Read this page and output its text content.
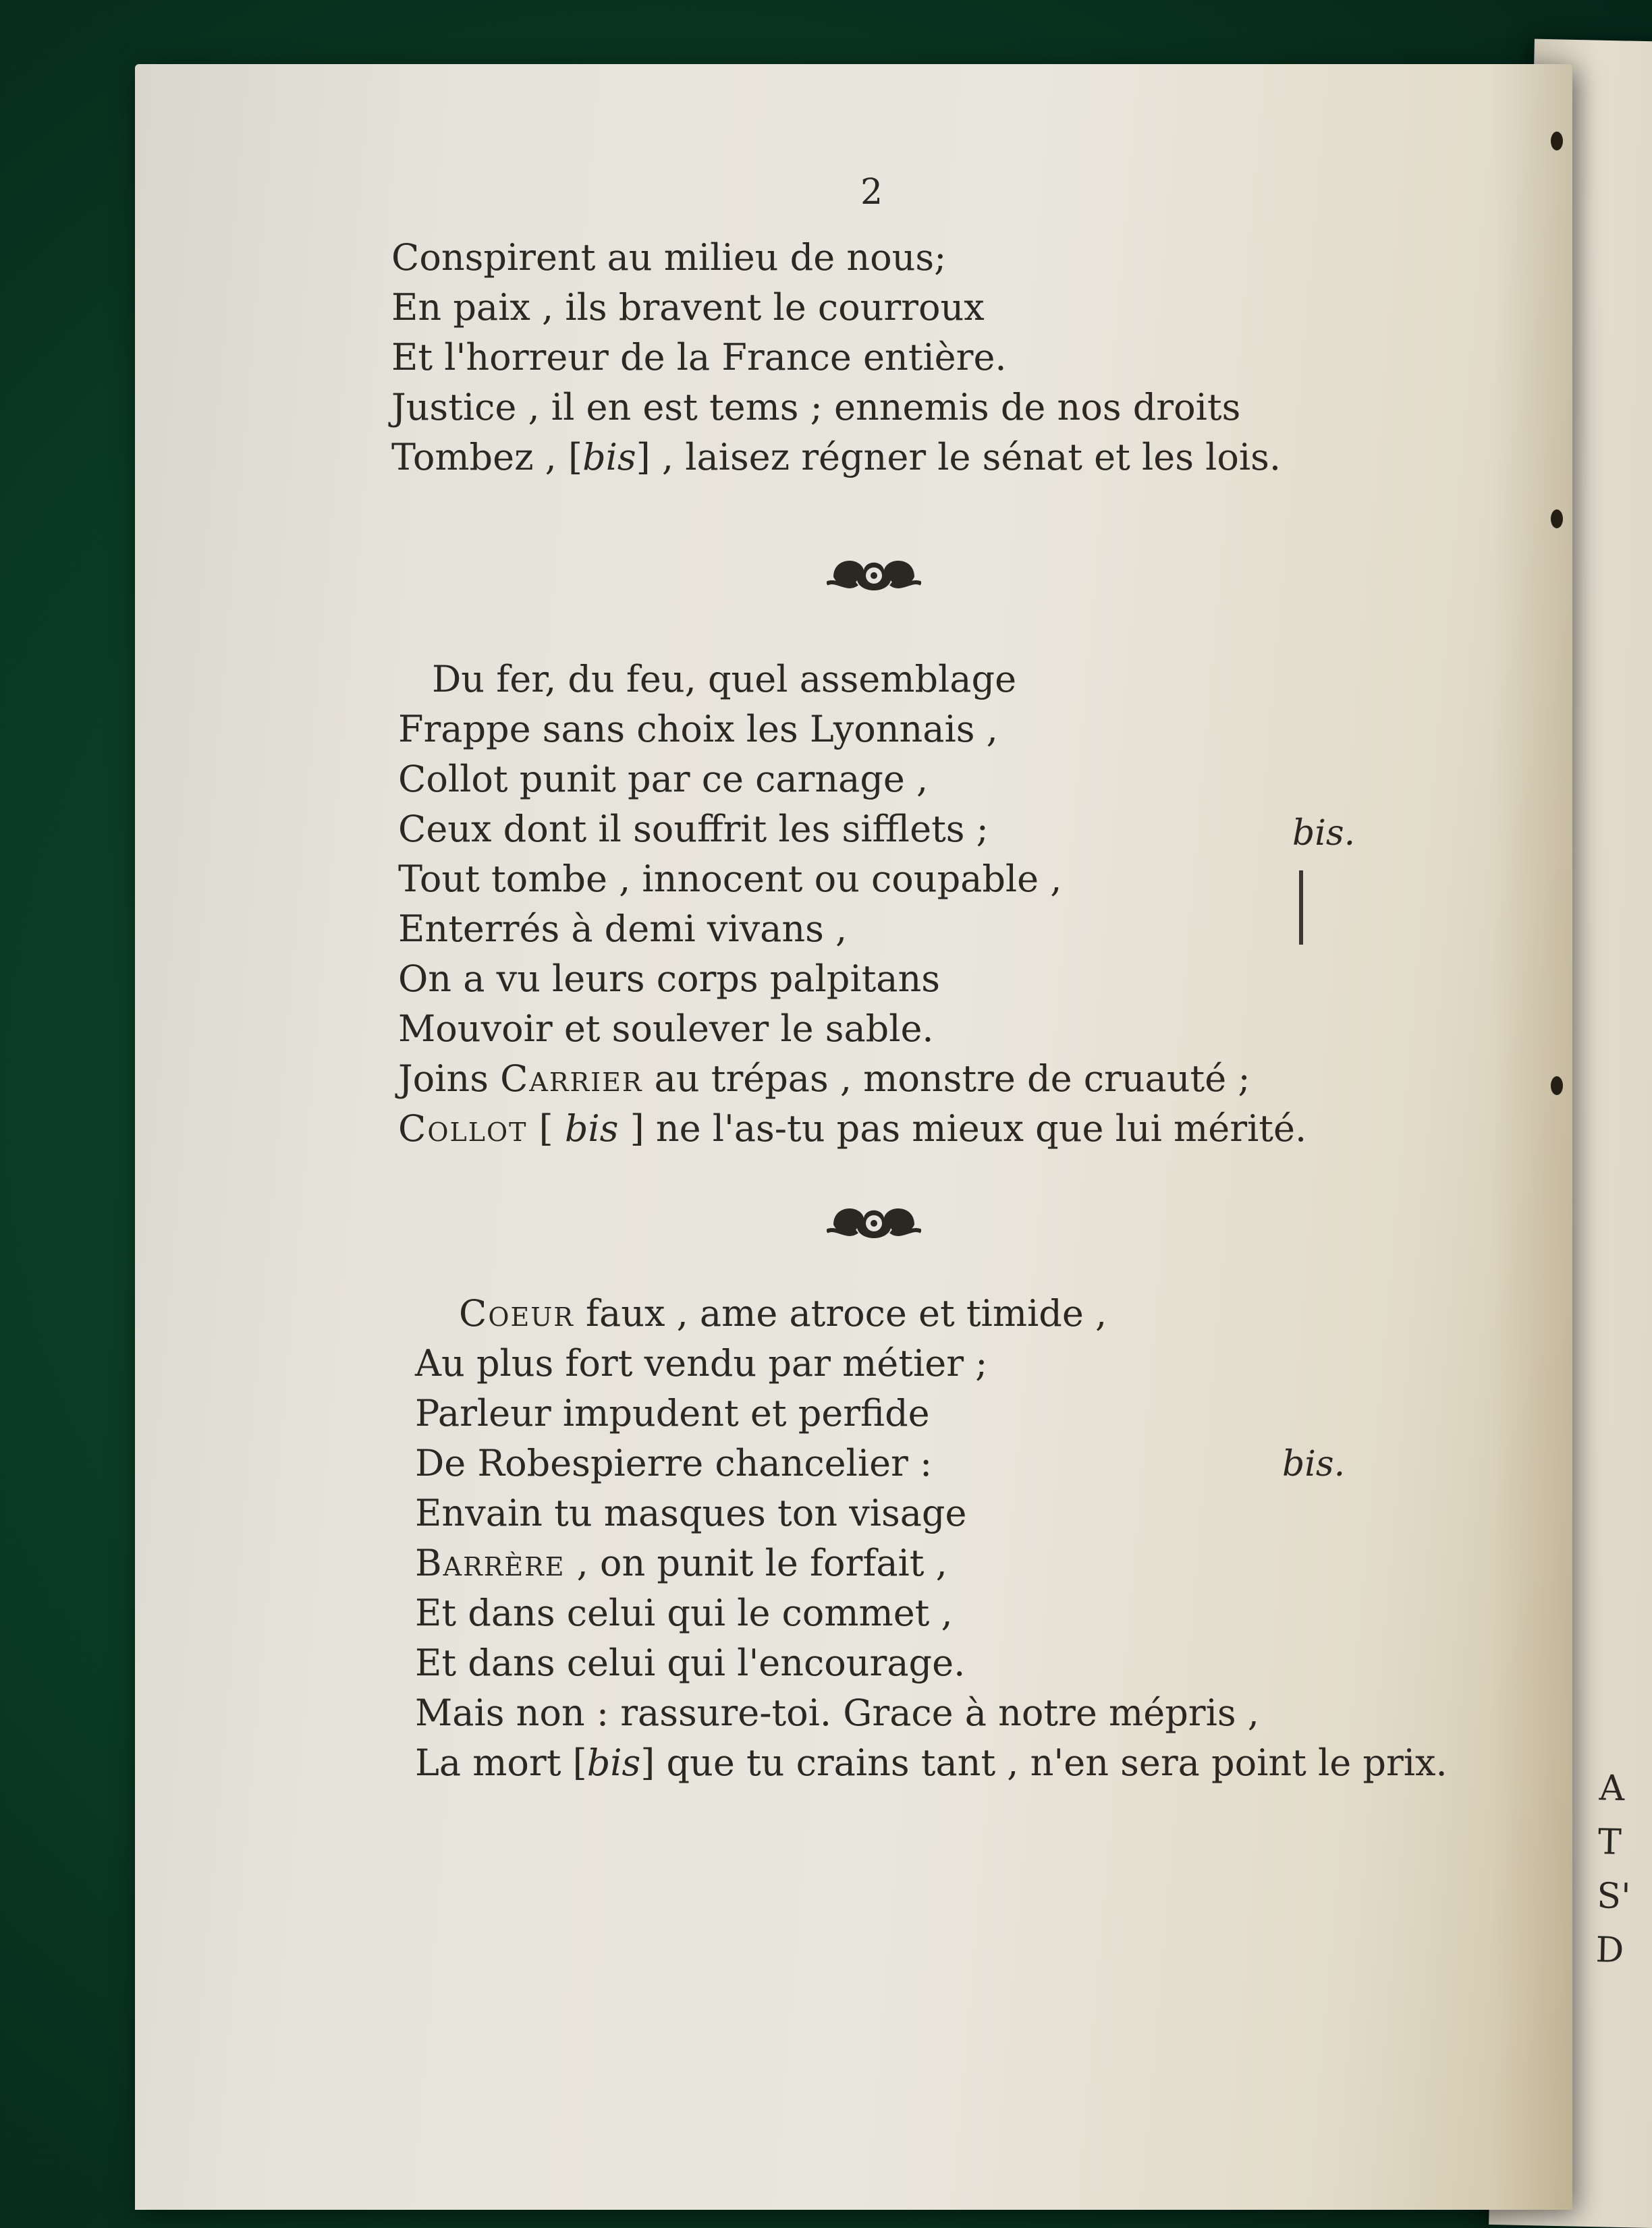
A
T
S'
D
2
Conspirent au milieu de nous;
En paix , ils bravent le courroux
Et l'horreur de la France entière.
Justice , il en est tems ; ennemis de nos droits
Tombez , [bis] , laisez régner le sénat et les lois.
Du fer, du feu, quel assemblage
Frappe sans choix les Lyonnais ,
Collot punit par ce carnage ,
Ceux dont il souffrit les sifflets ;
Tout tombe , innocent ou coupable ,
Enterrés à demi vivans ,
On a vu leurs corps palpitans
Mouvoir et soulever le sable.
Joins Carrier au trépas , monstre de cruauté ;
Collot [ bis ] ne l'as-tu pas mieux que lui mérité.
bis.
Coeur faux , ame atroce et timide ,
Au plus fort vendu par métier ;
Parleur impudent et perfide
De Robespierre chancelier :
Envain tu masques ton visage
Barrère , on punit le forfait ,
Et dans celui qui le commet ,
Et dans celui qui l'encourage.
Mais non : rassure-toi. Grace à notre mépris ,
La mort [bis] que tu crains tant , n'en sera point le prix.
bis.
